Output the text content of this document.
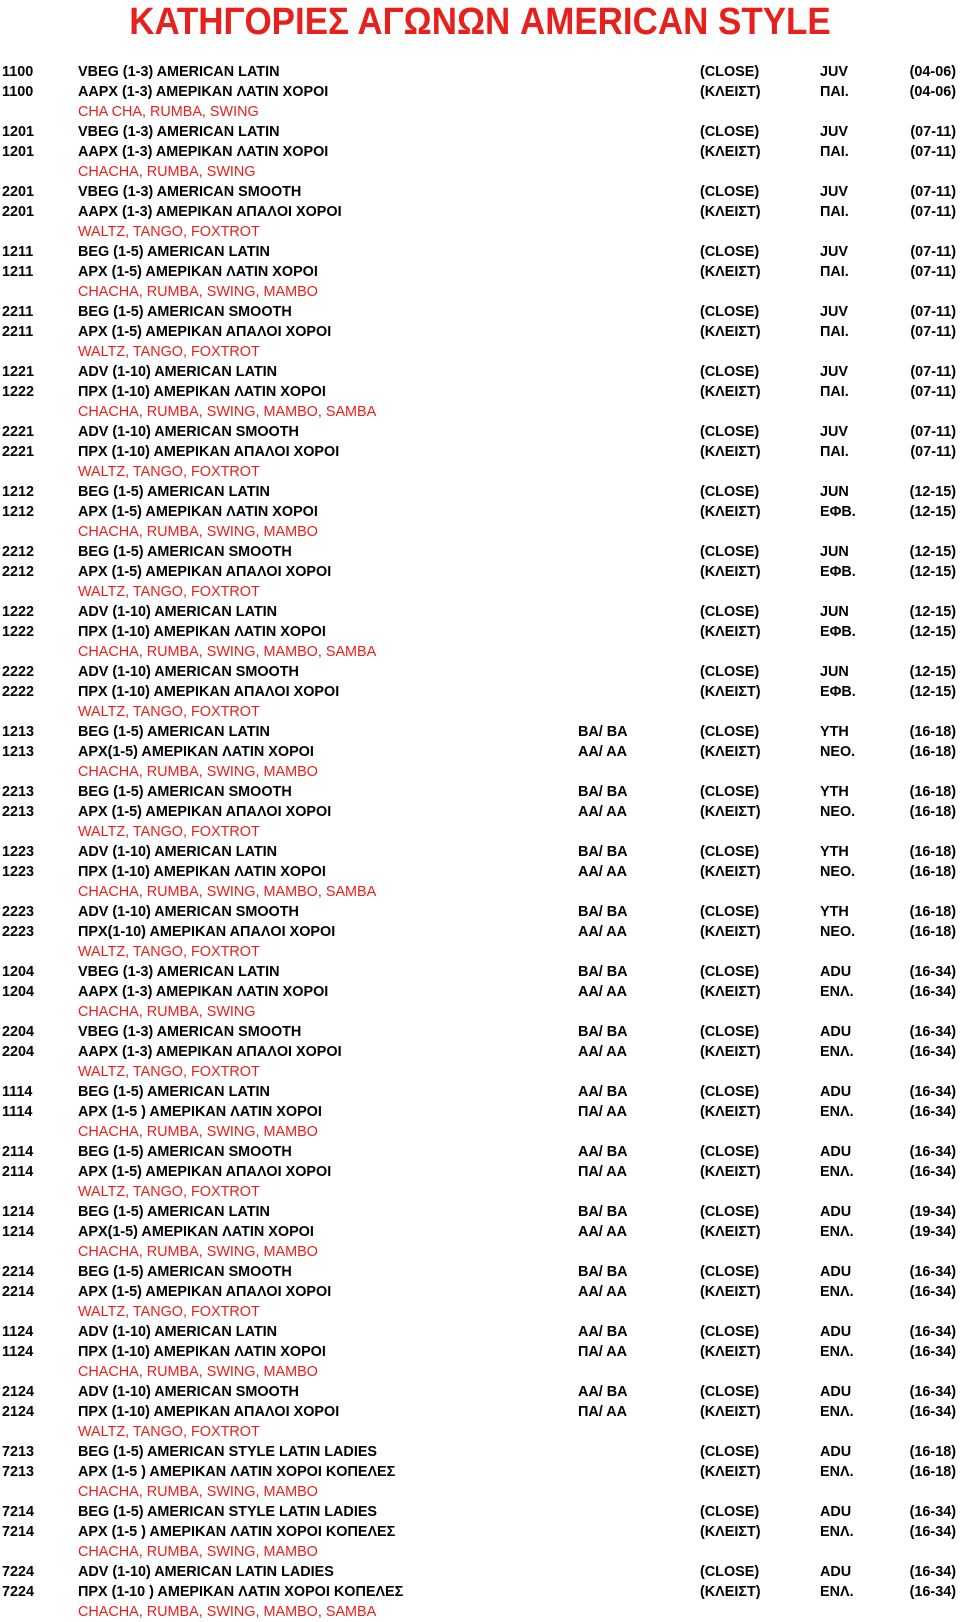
ΚΑΤΗΓΟΡΙΕΣ ΑΓΩΝΩΝ AMERICAN STYLE
1100	VBEG (1-3) AMERICAN LATIN	(CLOSE)	JUV	(04-06)
1100	AAPX (1-3) AMEPIKAN ΛATIN XOPOI	(ΚΛΕΙΣΤ)	ΠΑΙ.	(04-06)
CHA CHA, RUMBA, SWING
1201	VBEG (1-3) AMERICAN LATIN	(CLOSE)	JUV	(07-11)
1201	AAPX (1-3) AMEPIKAN ΛATIN XOPOI	(ΚΛΕΙΣΤ)	ΠΑΙ.	(07-11)
CHACHA, RUMBA, SWING
2201	VBEG (1-3) AMERICAN SMOOTH	(CLOSE)	JUV	(07-11)
2201	AAPX (1-3) AMEPIKAN AΠAΛOI XOPOI	(ΚΛΕΙΣΤ)	ΠΑΙ.	(07-11)
WALTZ, TANGO, FOXTROT
1211	BEG (1-5) AMERICAN LATIN	(CLOSE)	JUV	(07-11)
1211	APX (1-5) AMEPIKAN ΛATIN XOPOI	(ΚΛΕΙΣΤ)	ΠΑΙ.	(07-11)
CHACHA, RUMBA, SWING, MAMBO
2211	BEG (1-5) AMERICAN SMOOTH	(CLOSE)	JUV	(07-11)
2211	APX (1-5) AMEPIKAN AΠAΛOI XOPOI	(ΚΛΕΙΣΤ)	ΠΑΙ.	(07-11)
WALTZ, TANGO, FOXTROT
1221	ADV (1-10) AMERICAN LATIN	(CLOSE)	JUV	(07-11)
1222	ΠPX (1-10) AMEPIKAN ΛATIN XOPOI	(ΚΛΕΙΣΤ)	ΠΑΙ.	(07-11)
CHACHA, RUMBA, SWING, MAMBO, SAMBA
2221	ADV (1-10) AMERICAN SMOOTH	(CLOSE)	JUV	(07-11)
2221	ΠPX (1-10) AMEPIKAN AΠAΛOI XOPOI	(ΚΛΕΙΣΤ)	ΠΑΙ.	(07-11)
WALTZ, TANGO, FOXTROT
1212	BEG (1-5) AMERICAN LATIN	(CLOSE)	JUN	(12-15)
1212	APX (1-5) AMEPIKAN ΛATIN XOPOI	(ΚΛΕΙΣΤ)	ΕΦΒ.	(12-15)
CHACHA, RUMBA, SWING, MAMBO
2212	BEG (1-5) AMERICAN SMOOTH	(CLOSE)	JUN	(12-15)
2212	APX (1-5) AMEPIKAN AΠAΛOI XOPOI	(ΚΛΕΙΣΤ)	ΕΦΒ.	(12-15)
WALTZ, TANGO, FOXTROT
1222	ADV (1-10) AMERICAN LATIN	(CLOSE)	JUN	(12-15)
1222	ΠPX (1-10) AMEPIKAN ΛATIN XOPOI	(ΚΛΕΙΣΤ)	ΕΦΒ.	(12-15)
CHACHA, RUMBA, SWING, MAMBO, SAMBA
2222	ADV (1-10) AMERICAN SMOOTH	(CLOSE)	JUN	(12-15)
2222	ΠPX (1-10) AMEPIKAN AΠAΛOI XOPOI	(ΚΛΕΙΣΤ)	ΕΦΒ.	(12-15)
WALTZ, TANGO, FOXTROT
1213	BEG (1-5) AMERICAN LATIN	BA/ BA	(CLOSE)	YTH	(16-18)
1213	APX(1-5) AMEPIKAN ΛATIN XOPOI	AA/ AA	(ΚΛΕΙΣΤ)	NEO.	(16-18)
CHACHA, RUMBA, SWING, MAMBO
2213	BEG (1-5) AMERICAN SMOOTH	BA/ BA	(CLOSE)	YTH	(16-18)
2213	APX (1-5) AMEPIKAN AΠAΛOI XOPOI	AA/ AA	(ΚΛΕΙΣΤ)	NEO.	(16-18)
WALTZ, TANGO, FOXTROT
1223	ADV (1-10) AMERICAN LATIN	BA/ BA	(CLOSE)	YTH	(16-18)
1223	ΠPX (1-10) AMEPIKAN ΛATIN XOPOI	AA/ AA	(ΚΛΕΙΣΤ)	NEO.	(16-18)
CHACHA, RUMBA, SWING, MAMBO, SAMBA
2223	ADV (1-10) AMERICAN SMOOTH	BA/ BA	(CLOSE)	YTH	(16-18)
2223	ΠPX(1-10) AMEPIKAN AΠAΛOI XOPOI	AA/ AA	(ΚΛΕΙΣΤ)	NEO.	(16-18)
WALTZ, TANGO, FOXTROT
1204	VBEG (1-3) AMERICAN LATIN	BA/ BA	(CLOSE)	ADU	(16-34)
1204	AAPX (1-3) AMEPIKAN ΛATIN XOPOI	AA/ AA	(ΚΛΕΙΣΤ)	ΕΝΛ.	(16-34)
CHACHA, RUMBA, SWING
2204	VBEG (1-3) AMERICAN SMOOTH	BA/ BA	(CLOSE)	ADU	(16-34)
2204	AAPX (1-3) AMEPIKAN AΠAΛOI XOPOI	AA/ AA	(ΚΛΕΙΣΤ)	ΕΝΛ.	(16-34)
WALTZ, TANGO, FOXTROT
1114	BEG (1-5) AMERICAN LATIN	AA/ BA	(CLOSE)	ADU	(16-34)
1114	APX (1-5 ) AMEPIKAN ΛATIN XOPOI	ΠA/ AA	(ΚΛΕΙΣΤ)	ΕΝΛ.	(16-34)
CHACHA, RUMBA, SWING, MAMBO
2114	BEG (1-5) AMERICAN SMOOTH	AA/ BA	(CLOSE)	ADU	(16-34)
2114	APX (1-5) AMEPIKAN AΠAΛOI XOPOI	ΠA/ AA	(ΚΛΕΙΣΤ)	ΕΝΛ.	(16-34)
WALTZ, TANGO, FOXTROT
1214	BEG (1-5) AMERICAN LATIN	BA/ BA	(CLOSE)	ADU	(19-34)
1214	APX(1-5) AMEPIKAN ΛATIN XOPOI	AA/ AA	(ΚΛΕΙΣΤ)	ΕΝΛ.	(19-34)
CHACHA, RUMBA, SWING, MAMBO
2214	BEG (1-5) AMERICAN SMOOTH	BA/ BA	(CLOSE)	ADU	(16-34)
2214	APX (1-5) AMEPIKAN AΠAΛOI XOPOI	AA/ AA	(ΚΛΕΙΣΤ)	ΕΝΛ.	(16-34)
WALTZ, TANGO, FOXTROT
1124	ADV (1-10) AMERICAN LATIN	AA/ BA	(CLOSE)	ADU	(16-34)
1124	ΠPX (1-10) AMEPIKAN ΛATIN XOPOI	ΠA/ AA	(ΚΛΕΙΣΤ)	ΕΝΛ.	(16-34)
CHACHA, RUMBA, SWING, MAMBO
2124	ADV (1-10) AMERICAN SMOOTH	AA/ BA	(CLOSE)	ADU	(16-34)
2124	ΠPX (1-10) AMEPIKAN AΠAΛOI XOPOI	ΠA/ AA	(ΚΛΕΙΣΤ)	ΕΝΛ.	(16-34)
WALTZ, TANGO, FOXTROT
7213	BEG (1-5) AMERICAN STYLE LATIN LADIES	(CLOSE)	ADU	(16-18)
7213	APX (1-5 ) AMEPIKAN ΛATIN XOPOI KOΠEΛEΣ	(ΚΛΕΙΣΤ)	ΕΝΛ.	(16-18)
CHACHA, RUMBA, SWING, MAMBO
7214	BEG (1-5) AMERICAN STYLE LATIN LADIES	(CLOSE)	ADU	(16-34)
7214	APX (1-5 ) AMEPIKAN ΛATIN XOPOI KOΠEΛEΣ	(ΚΛΕΙΣΤ)	ΕΝΛ.	(16-34)
CHACHA, RUMBA, SWING, MAMBO
7224	ADV (1-10) AMERICAN LATIN LADIES	(CLOSE)	ADU	(16-34)
7224	ΠPX (1-10 ) AMEPIKAN ΛATIN XOPOI KOΠEΛEΣ	(ΚΛΕΙΣΤ)	ΕΝΛ.	(16-34)
CHACHA, RUMBA, SWING, MAMBO, SAMBA
